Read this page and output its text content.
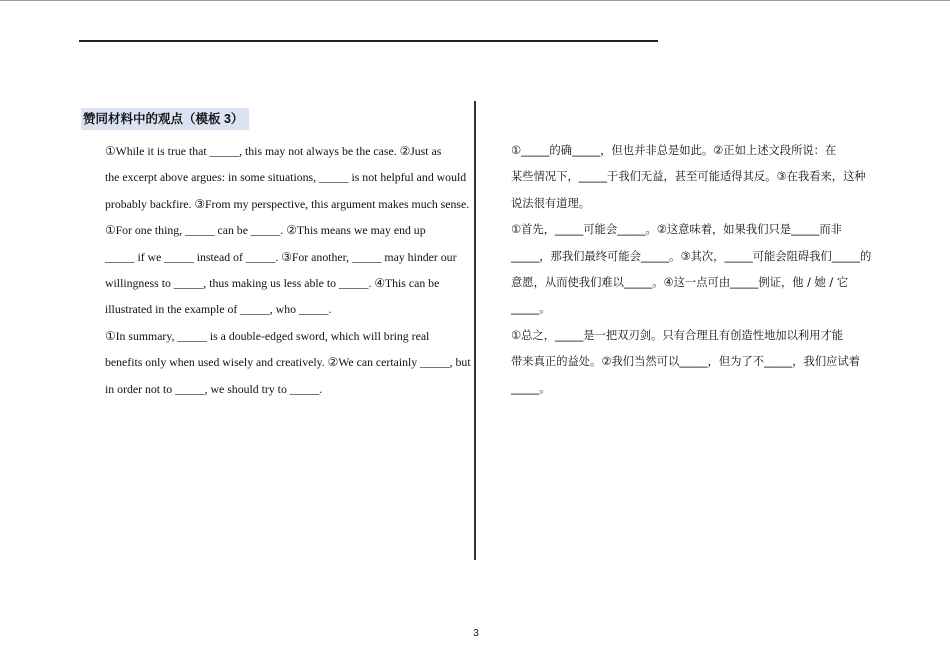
赞同材料中的观点（模板 3）

①While it is true that _____, this may not always be the case. ②Just as
the excerpt above argues: in some situations, _____ is not helpful and would
probably backfire. ③From my perspective, this argument makes much sense.

①For one thing, _____ can be _____. ②This means we may end up
_____ if we _____ instead of _____. ③For another, _____ may hinder our
willingness to _____, thus making us less able to _____. ④This can be
illustrated in the example of _____, who _____.

①In summary, _____ is a double-edged sword, which will bring real
benefits only when used wisely and creatively. ②We can certainly _____, but
in order not to _____, we should try to _____.

①_____的确_____，但也并非总是如此。②正如上述文段所说：在
某些情况下，_____于我们无益，甚至可能适得其反。③在我看来，这种
说法很有道理。

①首先，_____可能会_____。②这意味着，如果我们只是_____而非
_____，那我们最终可能会_____。③其次，_____可能会阻碍我们_____的
意愿，从而使我们难以_____。④这一点可由_____例证，他 / 她 / 它
_____。

①总之，_____是一把双刃剑。只有合理且有创造性地加以利用才能
带来真正的益处。②我们当然可以_____，但为了不_____，我们应试着
_____。

3
